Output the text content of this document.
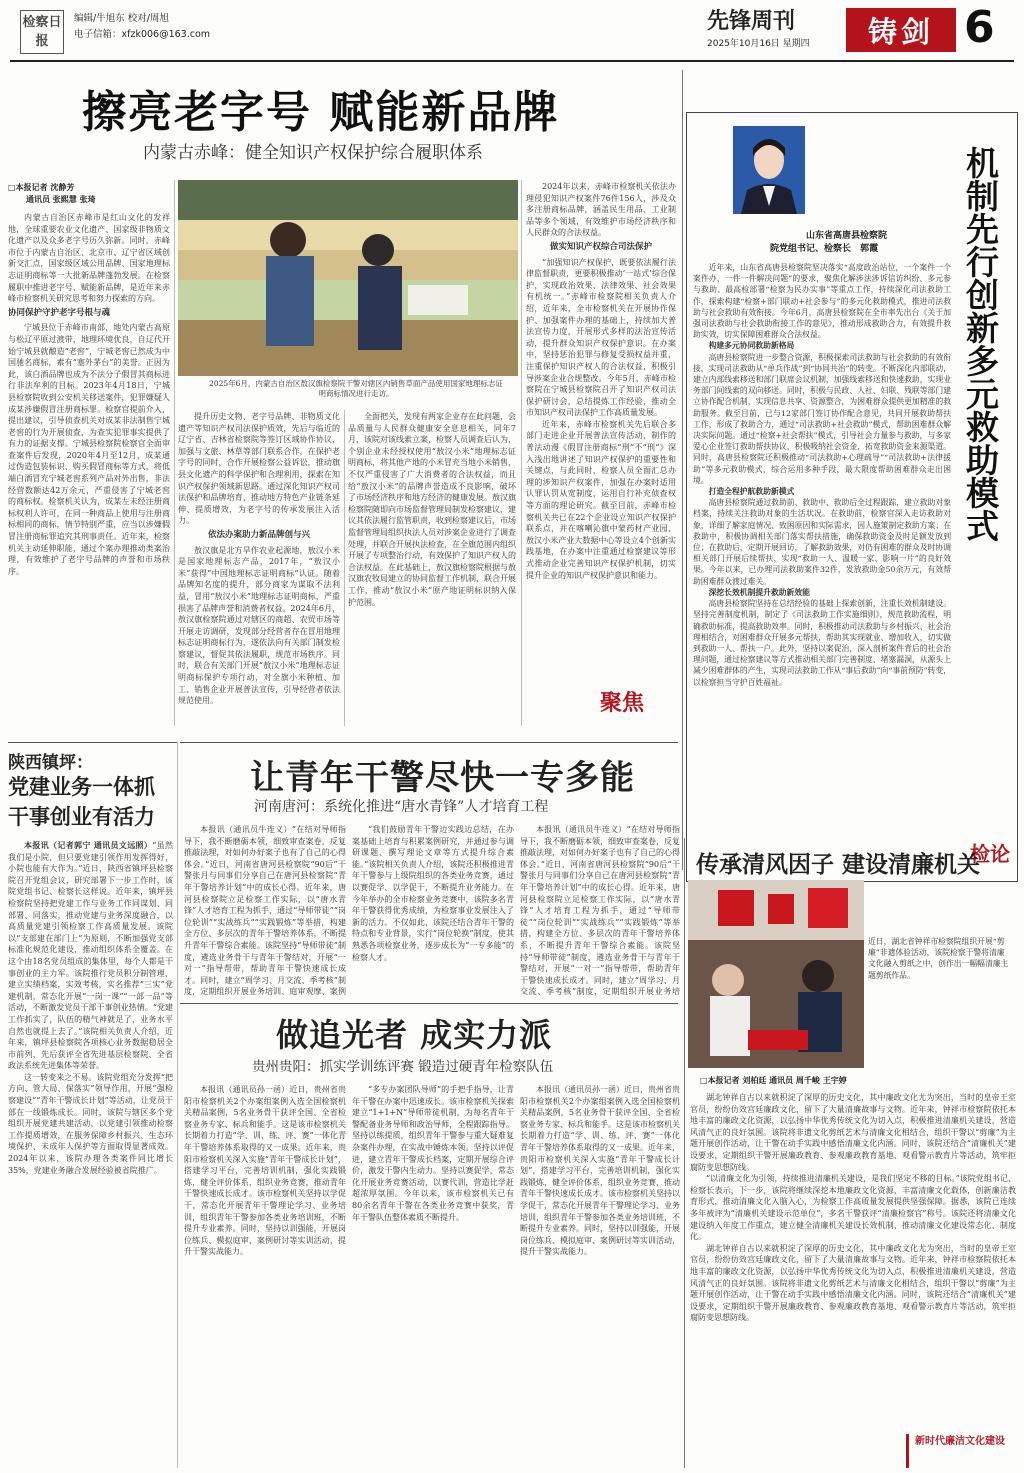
检察日报
编辑/牛旭东 校对/周旭
电子信箱：xfzk006@163.com
先锋周刊
2025年10月16日 星期四	铸剑 6
擦亮老字号 赋能新品牌
内蒙古赤峰：健全知识产权保护综合履职体系
□本报记者 沈静芳
通讯员 张熙慧 张琦

内蒙古自治区赤峰市是红山文化的发祥地，全球重要农业文化遗产、国家级非物质文化遗产以及众多老字号历久弥新。同时，赤峰市位于内蒙古自治区、北京市、辽宁省区域创新交汇点，国家级区域公用品牌、国家地理标志证明商标等一大批新品牌蓬勃发展。在检察履职中推进老字号、赋能新品牌，是近年来赤峰市检察机关研究思考和努力探索的方向。

协同保护守护老字号根与魂

宁城县位于赤峰市南部，地处内蒙古高原与松辽平原过渡带，地理环境优良，自辽代开始宁城县就酿造“老窖”，宁城老窖已然成为中国驰名商标，素有“塞外茅台”的美誉。正因为此，该白酒品牌也成为不法分子假冒其商标进行非法牟利的目标。2023年4月18日，宁城县检察院收到公安机关移送案件，犯罪嫌疑人成某涉嫌假冒注册商标罪。检察官提前介入，提出建议，引导侦查机关对成某非法制售宁城老窖的行为开展侦查，为查实犯罪事实提供了有力的证据支撑。宁城县检察院检察官全面审查案件后发现，2020年4月至12月，成某通过伪造包装标识、购买假冒商标等方式，将低端白酒冒充宁城老窖系列产品对外出售，非法经营数额达42万余元，严重侵害了宁城老窖的商标权。检察机关认为，成某左未经注册商标权利人许可，在同一种商品上使用与注册商标相同的商标，情节特别严重，应当以涉嫌假冒注册商标罪追究其刑事责任。近年来，检察机关主动延伸职能，通过个案办理推动类案治理，有效维护了老字号品牌的声誉和市场秩序。

2025年6月，内蒙古自治区敖汉旗检察院干警对辖区内销售草面产品使用国家地理标志证明商标情况进行走访。

提升历史文物、老字号品牌、非物质文化遗产等知识产权司法保护质效，先后与临近的辽宁省、吉林省检察院等签订区域协作协议，加强与文旅、林草等部门联系合作，在保护老字号的同时，合作开展检察公益诉讼，推动旗县文化遗产的科学保护和合理利用，探索在知识产权保护领域新思路。通过深化知识产权司法保护和品牌培育，推动地方特色产业链条延伸、提质增效，为老字号的传承发展注入活力。

依法办案助力新品牌创与兴

敖汉旗是北方旱作农业起源地，敖汉小米是国家地理标志产品，2017年，“敖汉小米”获得“中国地理标志证明商标”认证。随着品牌知名度的提升，部分商家为谋取不法利益，冒用“敖汉小米”地理标志证明商标，严重损害了品牌声誉和消费者权益。2024年6月，敖汉旗检察院通过对辖区的商超、农贸市场等开展走访调研，发现部分经营者存在冒用地理标志证明商标行为，遂依法向有关部门制发检察建议，督促其依法履职，规范市场秩序。同时，联合有关部门开展“敖汉小米”地理标志证明商标保护专项行动，对全旗小米种植、加工、销售企业开展普法宣传，引导经营者依法规范使用。

全面把关，发现有两家企业存在此问题，会品质量与人民群众健康安全息息相关，同年7月，该院对该线索立案，检察人员调查后认为，个别企业未经授权使用“敖汉小米”地理标志证明商标，将其他产地的小米冒充当地小米销售，不仅严重侵害了广大消费者的合法权益，而且给“敖汉小米”的品牌声誉造成不良影响，破坏了市场经济秩序和地方经济的健康发展。敖汉旗检察院随即向市场监督管理局制发检察建议，建议其依法履行监管职责，收到检察建议后，市场监督管理局组织执法人员对涉案企业进行了调查处理，并联合开展执法检查，在全旗范围内组织开展了专项整治行动，有效保护了知识产权人的合法权益。在此基础上，敖汉旗检察院根据与敖汉旗农牧局建立的协同监督工作机制，联合开展工作，推动“敖汉小米”原产地证明标识纳入保护范围。

2024年以来，赤峰市检察机关依法办理侵犯知识产权案件76件156人，涉及众多注册商标品牌，涵盖民生用品、工业制品等多个领域，有效维护市场经济秩序和人民群众的合法权益。

做实知识产权综合司法保护

“加强知识产权保护，既要依法履行法律监督职责，更要积极推动‘一站式’综合保护，实现政治效果、法律效果、社会效果有机统一。”赤峰市检察院相关负责人介绍，近年来，全市检察机关在开展协作保护、加强案件办理的基础上，持续加大普法宣传力度，开展形式多样的法治宣传活动，提升群众知识产权保护意识。在办案中，坚持惩治犯罪与修复受损权益并重，注重保护知识产权人的合法权益，积极引导涉案企业合规整改。今年5月，赤峰市检察院在宁城县检察院召开了知识产权司法保护研讨会，总结提炼工作经验，推动全市知识产权司法保护工作高质量发展。

近年来，赤峰市检察机关先后联合多部门走进企业开展普法宣传活动，制作的普法动漫《假冒注册商标“刑”不“刑”》深入浅出地讲述了知识产权保护的重要性和关键点，与此同时，检察人员全面汇总办理的涉知识产权案件，加强在办案时适用认罪认罚从宽制度，运用自行补充侦查权等方面的理论研究。截至目前，赤峰市检察机关共已在22个企业设立知识产权保护联系点，并在喀喇沁旗中蒙药材产业园、敖汉小米产业大数据中心等设立4个创新实践基地，在办案中注重通过检察建议等形式推动企业完善知识产权保护机制，切实提升企业的知识产权保护意识和能力。

聚焦
山东省高唐县检察院
院党组书记、检察长 郭霞	机制先行创新多元救助模式

近年来，山东省高唐县检察院坚决落实“高度政治站位，一个案件一个案件办，一件一件解决问题”的要求，聚焦化解涉法涉诉信访纠纷、多元参与救助、最高检部署“检察为民办实事”等重点工作，持续深化司法救助工作，探索构建“检察+部门联动+社会参与”的多元化救助模式，推进司法救助与社会救助有效衔接。今年6月，高唐县检察院在全市率先出台《关于加强司法救助与社会救助衔接工作的意见》，推动形成救助合力，有效提升救助实效，切实保障困难群众合法权益。

构建多元协同救助新格局

高唐县检察院进一步整合资源，积极探索司法救助与社会救助的有效衔接，实现司法救助从“单兵作战”到“协同共治”的转变。不断深化内部联动，建立内部线索移送和部门联席会议机制，加强线索移送和快速救助，实现业务部门间线索的双向移送。同时，积极与民政、人社、妇联、残联等部门建立协作配合机制，实现信息共享、资源整合，为困难群众提供更加精准的救助服务。截至目前，已与12家部门签订协作配合意见，共同开展救助帮扶工作，形成了救助合力，通过“司法救助+社会救助”模式，帮助困难群众解决实际问题。通过“检察+社会帮扶”模式，引导社会力量参与救助，与多家爱心企业签订救助帮扶协议，积极吸纳社会资金，拓宽救助资金来源渠道。同时，高唐县检察院还积极推动“司法救助+心理疏导”“司法救助+法律援助”等多元救助模式，综合运用多种手段，最大限度帮助困难群众走出困境。

打造全程护航救助新模式

高唐县检察院通过救助前、救助中、救助后全过程跟踪，建立救助对象档案，持续关注救助对象的生活状况。在救助前，检察官深入走访救助对象，详细了解家庭情况、致困原因和实际需求，因人施策制定救助方案；在救助中，积极协调相关部门落实帮扶措施，确保救助资金及时足额发放到位；在救助后，定期开展回访，了解救助效果，对仍有困难的群众及时协调相关部门开展后续帮扶，实现“救助一人、温暖一家、影响一片”的良好效果。今年以来，已办理司法救助案件32件，发放救助金50余万元，有效帮助困难群众渡过难关。

深挖长效机制提升救助新效能

高唐县检察院坚持在总结经验的基础上探索创新，注重长效机制建设。坚持完善制度机制，制定了《司法救助工作实施细则》，规范救助流程，明确救助标准，提高救助效率。同时，积极推动司法救助与乡村振兴、社会治理相结合，对困难群众开展多元帮扶，帮助其实现就业、增加收入，切实做到救助一人、帮扶一户。此外，坚持以案促治，深入剖析案件背后的社会治理问题，通过检察建议等方式推动相关部门完善制度、堵塞漏洞，从源头上减少困难群体的产生，实现司法救助工作从“事后救助”向“事前预防”转变，以检察担当守护百姓福祉。

检论
陕西镇坪：
党建业务一体抓 干事创业有活力

本报讯（记者郭宁 通讯员文远照）“虽然我们是小院，但只要党建引领作用发挥得好，小院也能有大作为。”近日，陕西省镇坪县检察院召开党组会议，研究部署下一步工作时，该院党组书记、检察长这样说。近年来，镇坪县检察院坚持把党建工作与业务工作同谋划、同部署、同落实，推动党建与业务深度融合，以高质量党建引领检察工作高质量发展。该院以“支部建在部门上”为原则，不断加强党支部标准化规范化建设，推动组织体系全覆盖。在这个由18名党员组成的集体里，每个人都是干事创业的主力军。该院推行党员积分制管理，建立实绩档案，实效考核，实名推荐“三实”党建机制，常态化开展“一岗一课”“一部一品”等活动，不断激发党员干部干事创业热情。“党建工作抓实了，队伍的精气神就足了，业务水平自然也就提上去了。”该院相关负责人介绍，近年来，镇坪县检察院各项核心业务数据稳居全市前列，先后获评全省先进基层检察院、全省政法系统先进集体等荣誉。

这一转变来之不易。该院党组充分发挥“把方向、管大局、保落实”领导作用，开展“强检察建设”“青年干警成长计划”等活动，让党员干部在一线锻炼成长。同时，该院与辖区多个党组织开展党建共建活动，以党建引领推动检察工作提质增效，在服务保障乡村振兴、生态环境保护、未成年人保护等方面取得显著成效。2024年以来，该院办理各类案件同比增长35%，党建业务融合发展经验被省院推广。

让青年干警尽快一专多能
河南唐河：系统化推进“唐水青锋”人才培育工程

本报讯（通讯员牛连义）“在结对导师指导下，我不断磨砺本领，细致审查案卷，反复推敲法理，对如何办好案子也有了自己的心得体会。”近日，河南省唐河县检察院“90后”干警张月与同事们分享自己在唐河县检察院“青年干警培养计划”中的成长心得。近年来，唐河县检察院立足检察工作实际，以“唐水青锋”人才培育工程为抓手，通过“导师带徒”“岗位轮训”“实战练兵”“实践锻炼”等举措，构建全方位、多层次的青年干警培养体系，不断提升青年干警综合素能。该院坚持“导师带徒”制度，遴选业务骨干与青年干警结对，开展“一对一”指导帮带，帮助青年干警快速成长成才。同时，建立“周学习、月交流、季考核”制度，定期组织开展业务培训、庭审观摩、案例

“我们鼓励青年干警边实践边总结，在办案基础上培育与积累案例研究，并通过参与调研课题、撰写理论文章等方式提升综合素能。”该院相关负责人介绍，该院还积极推进青年干警参与上级院组织的各类业务竞赛，通过以赛促学、以学促干，不断提升业务能力。在今年举办的全市检察业务竞赛中，该院多名青年干警获得优秀成绩，为检察事业发展注入了新的活力。不仅如此，该院还结合青年干警的特点和专业背景，实行“岗位轮换”制度，使其熟悉各项检察业务，逐步成长为“一专多能”的检察人才。

本报讯（通讯员牛连义）“在结对导师指导下，我不断磨砺本领，细致审查案卷，反复推敲法理，对如何办好案子也有了自己的心得体会。”近日，河南省唐河县检察院“90后”干警张月与同事们分享自己在唐河县检察院“青年干警培养计划”中的成长心得。近年来，唐河县检察院立足检察工作实际，以“唐水青锋”人才培育工程为抓手，通过“导师带徒”“岗位轮训”“实战练兵”“实践锻炼”等举措，构建全方位、多层次的青年干警培养体系，不断提升青年干警综合素能。该院坚持“导师带徒”制度，遴选业务骨干与青年干警结对，开展“一对一”指导帮带，帮助青年干警快速成长成才。同时，建立“周学习、月交流、季考核”制度，定期组织开展业务培

传承清风因子 建设清廉机关
近日，湖北省钟祥市检察院组织开展“剪廉”非遗体验活动，该院检察干警将清廉文化融入剪纸之中，创作出一幅幅清廉主题剪纸作品。
□本报记者 刘柏廷 通讯员 周千峻 王宇婷

湖北钟祥自古以来就积淀了深厚的历史文化，其中廉政文化尤为突出，当时的皇帝王室官员，纷纷仿效宫廷廉政文化，留下了大量清廉故事与文物。近年来，钟祥市检察院依托本地丰富的廉政文化资源，以弘扬中华优秀传统文化为切入点，积极推进清廉机关建设，营造风清气正的良好氛围。该院将非遗文化剪纸艺术与清廉文化相结合，组织干警以“剪廉”为主题开展创作活动，让干警在动手实践中感悟清廉文化内涵。同时，该院还结合“清廉机关”建设要求，定期组织干警开展廉政教育、参观廉政教育基地、观看警示教育片等活动，筑牢拒腐防变思想防线。

“以清廉文化为引领，持续推进清廉机关建设，是我们坚定不移的目标。”该院党组书记、检察长表示，下一步，该院将继续深挖本地廉政文化资源，丰富清廉文化载体，创新廉洁教育形式，推动清廉文化入脑入心，为检察工作高质量发展提供坚强保障。据悉，该院已连续多年被评为“清廉机关建设示范单位”，多名干警获评“清廉检察官”称号。该院还将清廉文化建设纳入年度工作重点，建立健全清廉机关建设长效机制，推动清廉文化建设常态化、制度化。

湖北钟祥自古以来就积淀了深厚的历史文化，其中廉政文化尤为突出，当时的皇帝王室官员，纷纷仿效宫廷廉政文化，留下了大量清廉故事与文物。近年来，钟祥市检察院依托本地丰富的廉政文化资源，以弘扬中华优秀传统文化为切入点，积极推进清廉机关建设，营造风清气正的良好氛围。该院将非遗文化剪纸艺术与清廉文化相结合，组织干警以“剪廉”为主题开展创作活动，让干警在动手实践中感悟清廉文化内涵。同时，该院还结合“清廉机关”建设要求，定期组织干警开展廉政教育、参观廉政教育基地、观看警示教育片等活动，筑牢拒腐防变思想防线。

新时代廉洁文化建设
做追光者 成实力派
贵州贵阳：抓实学训练评赛 锻造过硬青年检察队伍

本报讯（通讯员孙一函）近日，贵州省贵阳市检察机关2个办案组案例入选全国检察机关精品案例，5名业务骨干获评全国、全省检察业务专家、标兵和能手。这是该市检察机关长期着力打造“学、训、练、评、赛”一体化青年干警培养体系取得的又一成果。近年来，贵阳市检察机关深入实施“青年干警成长计划”，搭建学习平台，完善培训机制，强化实践锻炼，健全评价体系，组织业务竞赛，推动青年干警快速成长成才。该市检察机关坚持以学促干，常态化开展青年干警理论学习、业务培训，组织青年干警参加各类业务培训班，不断提升专业素养。同时，坚持以训强能，开展岗位练兵、模拟庭审、案例研讨等实训活动，提升干警实战能力。

“多专办案团队导师”的手把手指导，让青年干警在办案中迅速成长。该市检察机关探索建立“1+1+N”导师带徒机制，为每名青年干警配备业务导师和政治导师，全程跟踪指导。坚持以练提质，组织青年干警参与重大疑难复杂案件办理，在实战中锤炼本领。坚持以评促进，建立青年干警成长档案，定期开展综合评价，激发干警内生动力。坚持以赛促学，常态化开展业务竞赛活动，以赛代训，营造比学赶超浓厚氛围。今年以来，该市检察机关已有80余名青年干警在各类业务竞赛中获奖，青年干警队伍整体素质不断提升。

本报讯（通讯员孙一函）近日，贵州省贵阳市检察机关2个办案组案例入选全国检察机关精品案例，5名业务骨干获评全国、全省检察业务专家、标兵和能手。这是该市检察机关长期着力打造“学、训、练、评、赛”一体化青年干警培养体系取得的又一成果。近年来，贵阳市检察机关深入实施“青年干警成长计划”，搭建学习平台，完善培训机制，强化实践锻炼，健全评价体系，组织业务竞赛，推动青年干警快速成长成才。该市检察机关坚持以学促干，常态化开展青年干警理论学习、业务培训，组织青年干警参加各类业务培训班，不断提升专业素养。同时，坚持以训强能，开展岗位练兵、模拟庭审、案例研讨等实训活动，提升干警实战能力。
